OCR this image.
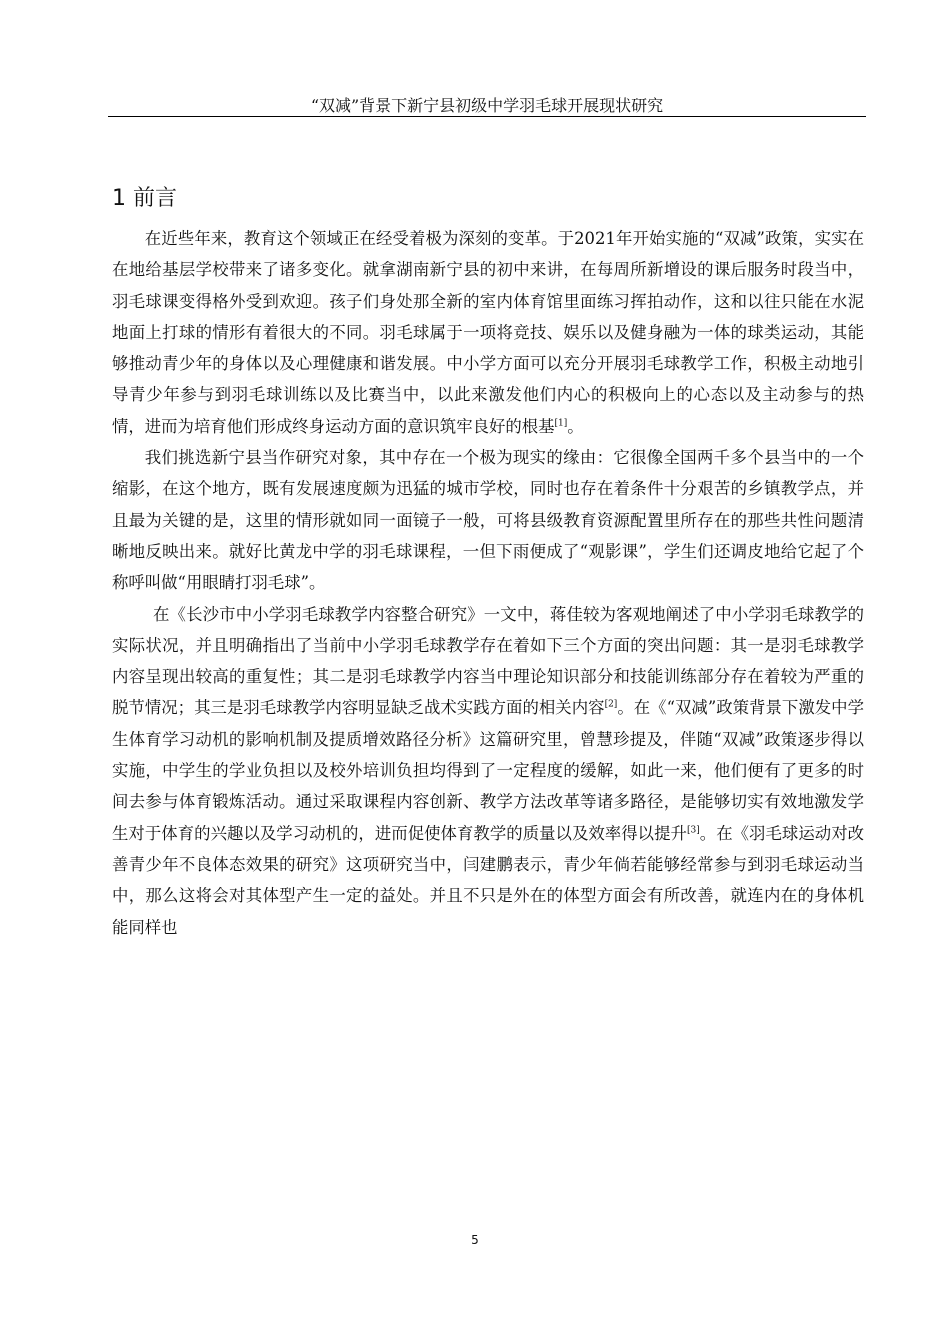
“双减”背景下新宁县初级中学羽毛球开展现状研究
1 前言

在近些年来，教育这个领域正在经受着极为深刻的变革。于2021年开始实施的“双减”政策，实实在在地给基层学校带来了诸多变化。就拿湖南新宁县的初中来讲，在每周所新增设的课后服务时段当中，羽毛球课变得格外受到欢迎。孩子们身处那全新的室内体育馆里面练习挥拍动作，这和以往只能在水泥地面上打球的情形有着很大的不同。羽毛球属于一项将竞技、娱乐以及健身融为一体的球类运动，其能够推动青少年的身体以及心理健康和谐发展。中小学方面可以充分开展羽毛球教学工作，积极主动地引导青少年参与到羽毛球训练以及比赛当中，以此来激发他们内心的积极向上的心态以及主动参与的热情，进而为培育他们形成终身运动方面的意识筑牢良好的根基[1]。

我们挑选新宁县当作研究对象，其中存在一个极为现实的缘由：它很像全国两千多个县当中的一个缩影，在这个地方，既有发展速度颇为迅猛的城市学校，同时也存在着条件十分艰苦的乡镇教学点，并且最为关键的是，这里的情形就如同一面镜子一般，可将县级教育资源配置里所存在的那些共性问题清晰地反映出来。就好比黄龙中学的羽毛球课程，一但下雨便成了“观影课”，学生们还调皮地给它起了个称呼叫做“用眼睛打羽毛球”。

在《长沙市中小学羽毛球教学内容整合研究》一文中，蒋佳较为客观地阐述了中小学羽毛球教学的实际状况，并且明确指出了当前中小学羽毛球教学存在着如下三个方面的突出问题：其一是羽毛球教学内容呈现出较高的重复性；其二是羽毛球教学内容当中理论知识部分和技能训练部分存在着较为严重的脱节情况；其三是羽毛球教学内容明显缺乏战术实践方面的相关内容[2]。在《“双减”政策背景下激发中学生体育学习动机的影响机制及提质增效路径分析》这篇研究里，曾慧珍提及，伴随“双减”政策逐步得以实施，中学生的学业负担以及校外培训负担均得到了一定程度的缓解，如此一来，他们便有了更多的时间去参与体育锻炼活动。通过采取课程内容创新、教学方法改革等诸多路径，是能够切实有效地激发学生对于体育的兴趣以及学习动机的，进而促使体育教学的质量以及效率得以提升[3]。在《羽毛球运动对改善青少年不良体态效果的研究》这项研究当中，闫建鹏表示，青少年倘若能够经常参与到羽毛球运动当中，那么这将会对其体型产生一定的益处。并且不只是外在的体型方面会有所改善，就连内在的身体机能同样也

5
